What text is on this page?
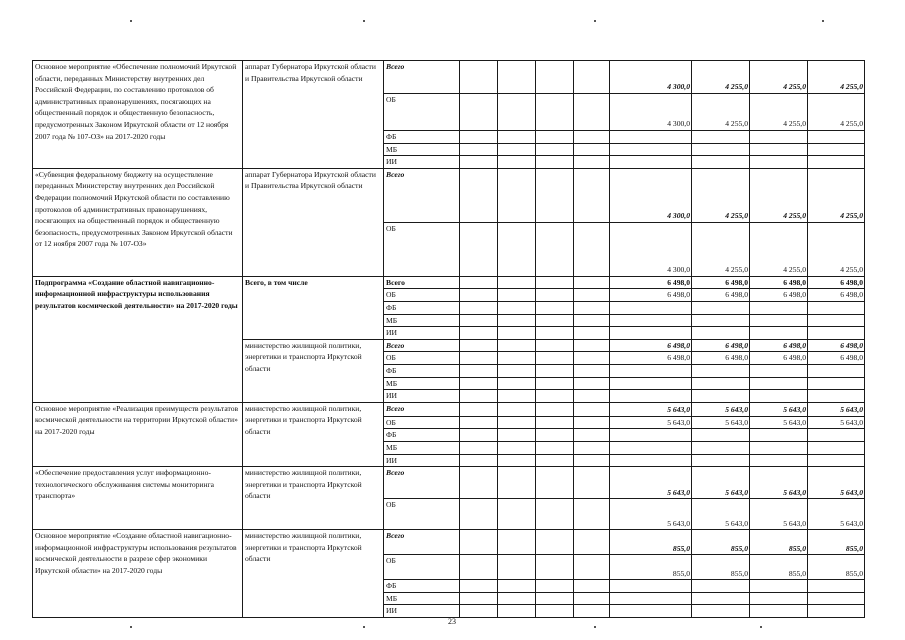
Основное мероприятие «Обеспечение полномочий Иркутской области, переданных Министерству внутренних дел Российской Федерации, по составлению протоколов об административных правонарушениях, посягающих на общественный порядок и общественную безопасность, предусмотренных Законом Иркутской области от 12 ноября 2007 года № 107-ОЗ» на 2017-2020 годы	аппарат Губернатора Иркутской области и Правительства Иркутской области	Всего					4 300,0	4 255,0	4 255,0	4 255,0
		ОБ					4 300,0	4 255,0	4 255,0	4 255,0
		ФБ								
		МБ								
		ИИ								
«Субвенция федеральному бюджету на осуществление переданных Министерству внутренних дел Российской Федерации полномочий Иркутской области по составлению протоколов об административных правонарушениях, посягающих на общественный порядок и общественную безопасность, предусмотренных Законом Иркутской области от 12 ноября 2007 года № 107-ОЗ»	аппарат Губернатора Иркутской области и Правительства Иркутской области	Всего					4 300,0	4 255,0	4 255,0	4 255,0
		ОБ					4 300,0	4 255,0	4 255,0	4 255,0
Подпрограмма «Создание областной навигационно-информационной инфраструктуры использования результатов космической деятельности» на 2017-2020 годы	Всего, в том числе	Всего					6 498,0	6 498,0	6 498,0	6 498,0
		ОБ					6 498,0	6 498,0	6 498,0	6 498,0
		ФБ								
		МБ								
		ИИ								
	министерство жилищной политики, энергетики и транспорта Иркутской области	Всего					6 498,0	6 498,0	6 498,0	6 498,0
		ОБ					6 498,0	6 498,0	6 498,0	6 498,0
		ФБ								
		МБ								
		ИИ								
Основное мероприятие «Реализация преимуществ результатов космической деятельности на территории Иркутской области» на 2017-2020 годы	министерство жилищной политики, энергетики и транспорта Иркутской области	Всего					5 643,0	5 643,0	5 643,0	5 643,0
		ОБ					5 643,0	5 643,0	5 643,0	5 643,0
		ФБ								
		МБ								
		ИИ								
«Обеспечение предоставления услуг информационно-технологического обслуживания системы мониторинга транспорта»	министерство жилищной политики, энергетики и транспорта Иркутской области	Всего					5 643,0	5 643,0	5 643,0	5 643,0
		ОБ					5 643,0	5 643,0	5 643,0	5 643,0
Основное мероприятие «Создание областной навигационно-информационной инфраструктуры использования результатов космической деятельности в разрезе сфер экономики Иркутской области» на 2017-2020 годы	министерство жилищной политики, энергетики и транспорта Иркутской области	Всего					855,0	855,0	855,0	855,0
		ОБ					855,0	855,0	855,0	855,0
		ФБ								
		МБ								
		ИИ								
23
